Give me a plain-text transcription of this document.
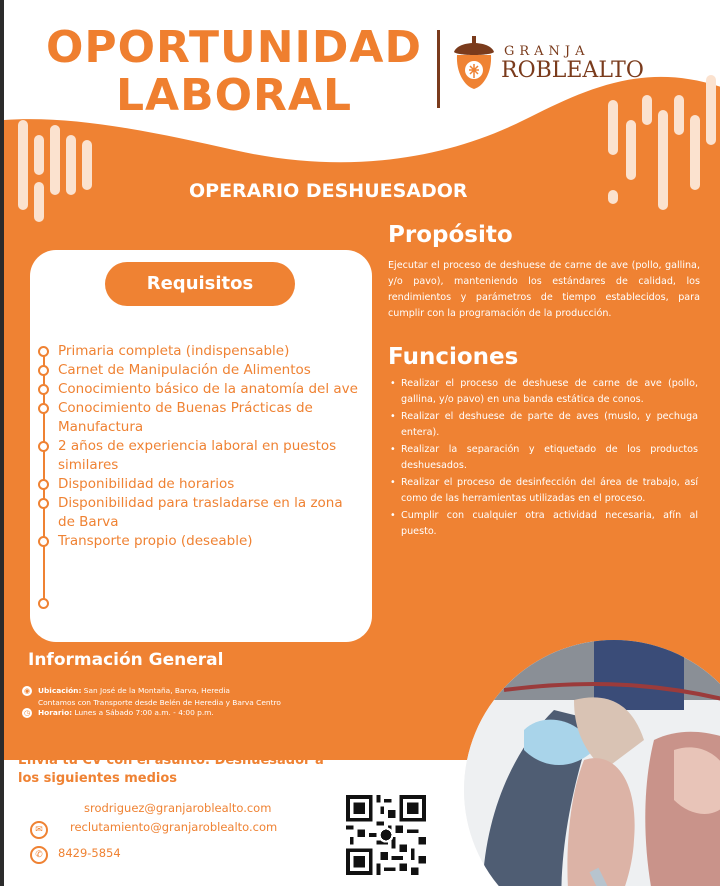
OPORTUNIDAD
LABORAL
GRANJA
ROBLEALTO
OPERARIO DESHUESADOR
Requisitos
Primaria completa (indispensable)
Carnet de Manipulación de Alimentos
Conocimiento básico de la anatomía del ave
Conocimiento de Buenas Prácticas de Manufactura
2 años de experiencia laboral en puestos similares
Disponibilidad de horarios
Disponibilidad para trasladarse en la zona de Barva
Transporte propio (deseable)
Propósito
Ejecutar el proceso de deshuese de carne de ave (pollo, gallina, y/o pavo), manteniendo los estándares de calidad, los rendimientos y parámetros de tiempo establecidos, para cumplir con la programación de la producción.
Funciones
• Realizar el proceso de deshuese de carne de ave (pollo, gallina, y/o pavo) en una banda estática de conos.
• Realizar el deshuese de parte de aves (muslo, y pechuga entera).
• Realizar la separación y etiquetado de los productos deshuesados.
• Realizar el proceso de desinfección del área de trabajo, así como de las herramientas utilizadas en el proceso.
• Cumplir con cualquier otra actividad necesaria, afín al puesto.
Información General
◉ Ubicación: San José de la Montaña, Barva, Heredia
Contamos con Transporte desde Belén de Heredia y Barva Centro
◷ Horario: Lunes a Sábado 7:00 a.m. - 4:00 p.m.
Envía tu CV con el asunto: Deshuesador a los siguientes medios
✉
srodriguez@granjaroblealto.com
reclutamiento@granjaroblealto.com
✆	8429-5854
